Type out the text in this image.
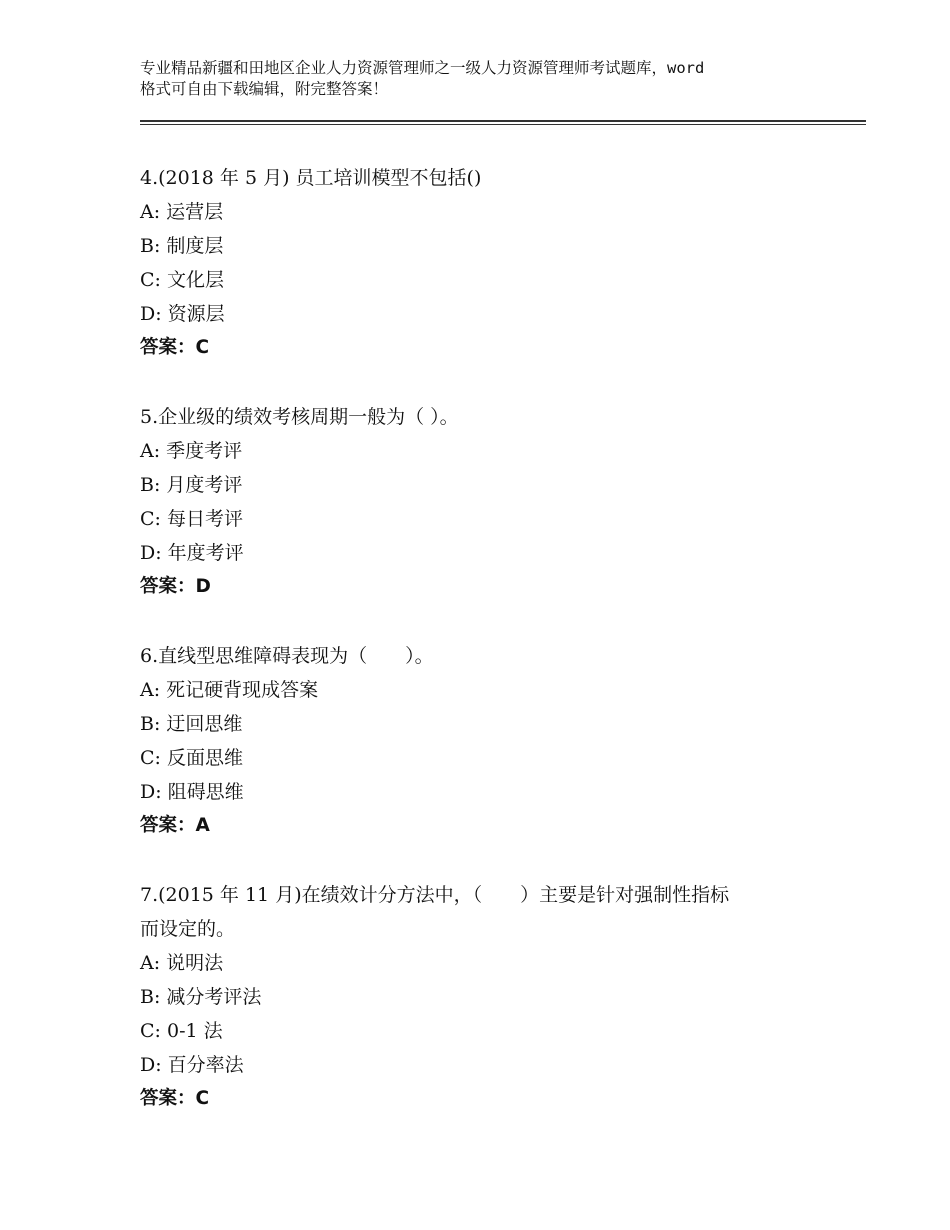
专业精品新疆和田地区企业人力资源管理师之一级人力资源管理师考试题库，word
格式可自由下载编辑，附完整答案！

4.(2018 年 5 月) 员工培训模型不包括()

A: 运营层

B: 制度层

C: 文化层

D: 资源层

答案：C

5.企业级的绩效考核周期一般为（ ）。

A: 季度考评

B: 月度考评

C: 每日考评

D: 年度考评

答案：D

6.直线型思维障碍表现为（　　）。

A: 死记硬背现成答案

B: 迂回思维

C: 反面思维

D: 阻碍思维

答案：A

7.(2015 年 11 月)在绩效计分方法中，（　　）主要是针对强制性指标

而设定的。

A: 说明法

B: 减分考评法

C: 0-1 法

D: 百分率法

答案：C
